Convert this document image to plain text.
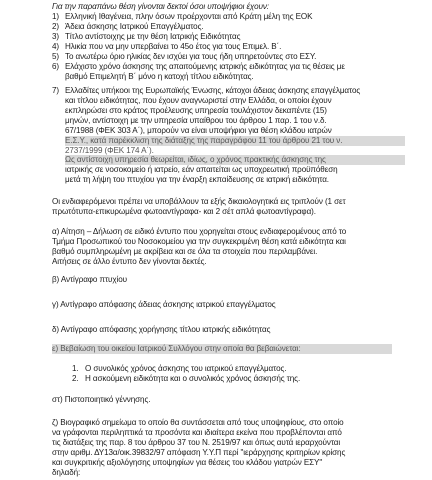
Για την παραπάνω θέση γίνονται δεκτοί όσοι υποψήφιοι έχουν:
1) Ελληνική Ιθαγένεια, πλην όσων προέρχονται από Κράτη μέλη της ΕΟΚ
2) Άδεια άσκησης Ιατρικού Επαγγέλματος.
3) Τίτλο αντίστοιχης με την θέση Ιατρικής Ειδικότητας
4) Ηλικία που να μην υπερβαίνει το 45ο έτος για τους Επιμελ. Β΄.
5) Το ανωτέρω όριο ηλικίας δεν ισχύει για τους ήδη υπηρετούντες στο ΕΣΥ.
6) Ελάχιστο χρόνο άσκησης της απαιτούμενης ιατρικής ειδικότητας για τις θέσεις με
βαθμό Επιμελητή Β΄ μόνο η κατοχή τίτλου ειδικότητας.
7) Ελλαδίτες υπήκοοι της Ευρωπαϊκής Ένωσης, κάτοχοι άδειας άσκησης επαγγέλματος
και τίτλου ειδικότητας, που έχουν αναγνωριστεί στην Ελλάδα, οι οποίοι έχουν
εκπληρώσει στο κράτος προέλευσης υπηρεσία τουλάχιστον δεκαπέντε (15)
μηνών, αντίστοιχη με την υπηρεσία υπαίθρου του άρθρου 1 παρ. 1 του ν.δ.
67/1988 (ΦΕΚ 303 Α΄), μπορούν να είναι υποψήφιοι για θέση κλάδου ιατρών
Ε.Σ.Υ., κατά παρέκκλιση της διάταξης της παραγράφου 11 του άρθρου 21 του ν.
2737/1999 (ΦΕΚ 174 Α΄).
Ως αντίστοιχη υπηρεσία θεωρείται, ιδίως, ο χρόνος πρακτικής άσκησης της
ιατρικής σε νοσοκομείο ή ιατρείο, εάν απαιτείται ως υποχρεωτική προϋπόθεση
μετά τη λήψη του πτυχίου για την έναρξη εκπαίδευσης σε ιατρική ειδικότητα.
Οι ενδιαφερόμενοι πρέπει να υποβάλλουν τα εξής δικαιολογητικά εις τριπλούν (1 σετ
πρωτότυπα-επικυρωμένα φωτοαντίγραφα- και 2 σέτ απλά φωτοαντίγραφα).
α) Αίτηση – Δήλωση σε ειδικό έντυπο που χορηγείται στους ενδιαφερομένους από το
Τμήμα Προσωπικού του Νοσοκομείου για την συγκεκριμένη θέση κατά ειδικότητα και
βαθμό συμπληρωμένη με ακρίβεια και σε όλα τα στοιχεία που περιλαμβάνει.
Αιτήσεις σε άλλο έντυπο δεν γίνονται δεκτές.
β) Αντίγραφο πτυχίου
γ) Αντίγραφο απόφασης άδειας άσκησης ιατρικού επαγγέλματος
δ) Αντίγραφο απόφασης χορήγησης τίτλου ιατρικής ειδικότητας
ε) Βεβαίωση του οικείου Ιατρικού Συλλόγου στην οποία θα βεβαιώνεται:
1. Ο συνολικός χρόνος άσκησης του ιατρικού επαγγέλματος.
2. Η ασκούμενη ειδικότητα και ο συνολικός χρόνος άσκησής της.
στ) Πιστοποιητικό γέννησης.
ζ) Βιογραφικό σημείωμα το οποίο θα συντάσσεται από τους υποψηφίους, στο οποίο
να γράφονται περιληπτικά τα προσόντα και ιδιαίτερα εκείνα που προβλέπονται από
τις διατάξεις της παρ. 8 του άρθρου 37 του Ν. 2519/97 και όπως αυτά ιεραρχούνται
στην αριθμ. ΔΥ13α/οικ.39832/97 απόφαση Υ.Υ.Π περί "ιεράρχησης κριτηρίων κρίσης
και συγκριτικής αξιολόγησης υποψηφίων για θέσεις του κλάδου γιατρών ΕΣΥ"
δηλαδή:
